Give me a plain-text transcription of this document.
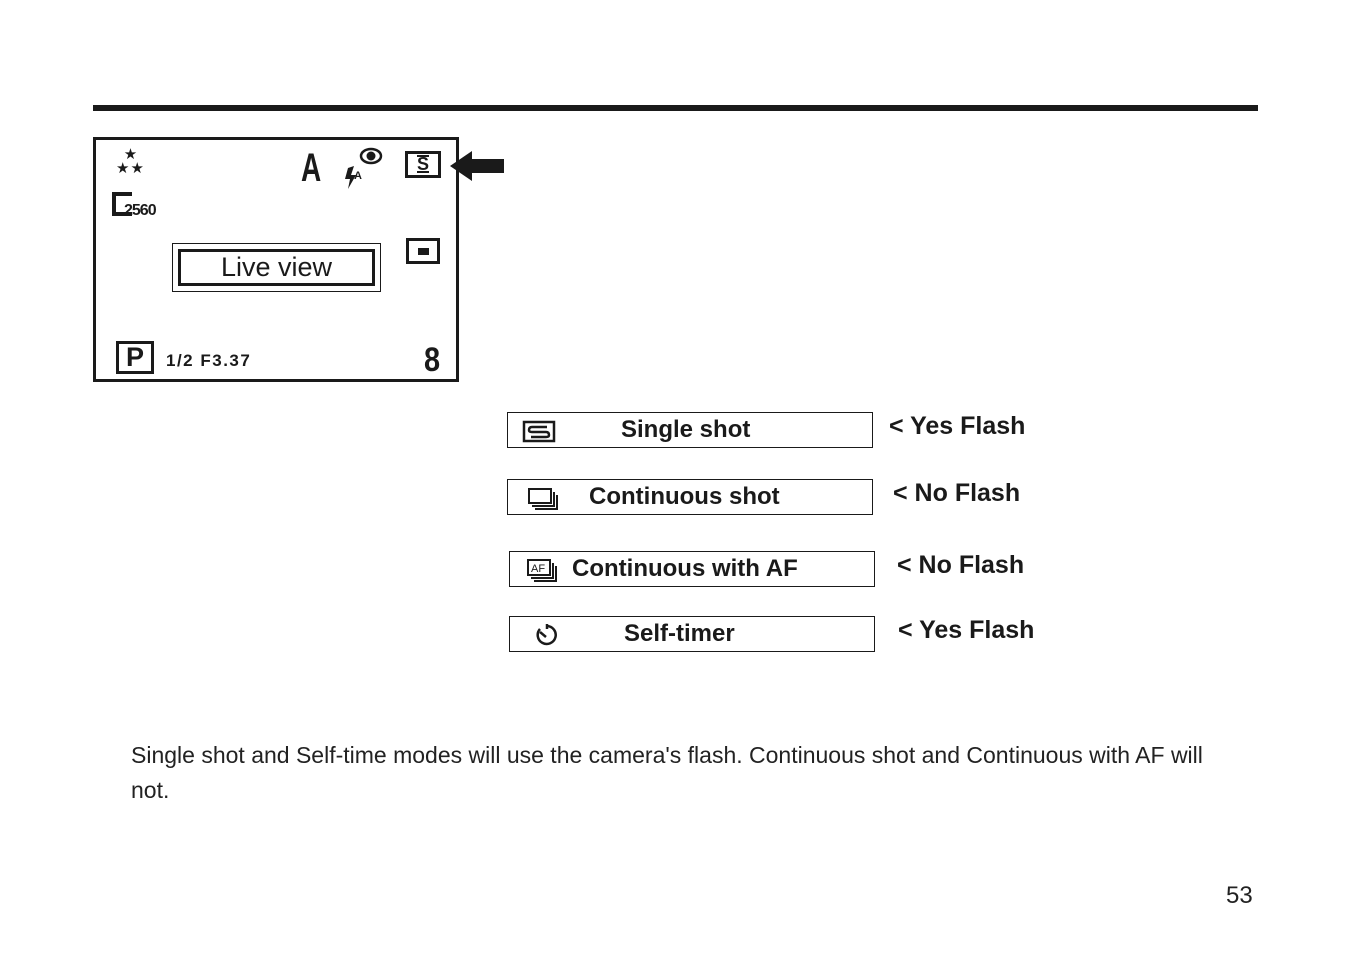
★
★★
2560
A	A
S
Live view
P	1/2 F3.37	8
Single shot	< Yes Flash
Continuous shot	< No Flash
AF Continuous with AF	< No Flash
Self-timer	< Yes Flash
Single shot and Self-time modes will use the camera's flash. Continuous shot and Continuous with AF will not.
53
